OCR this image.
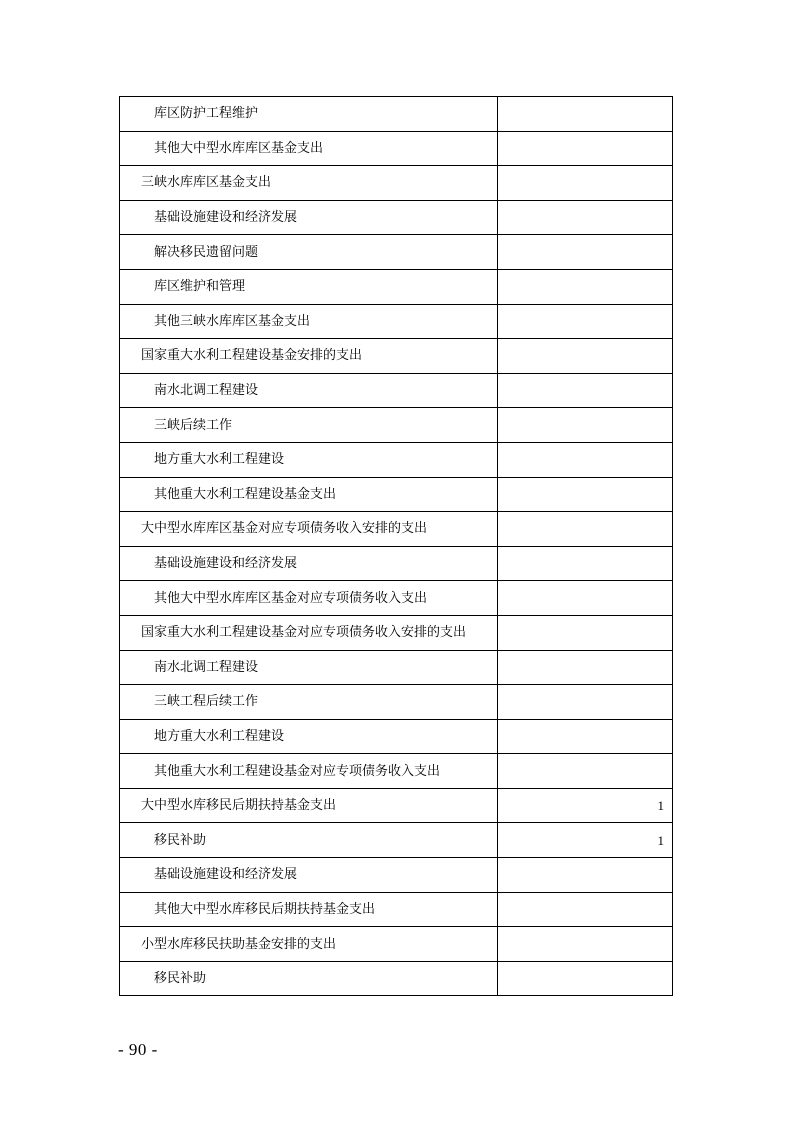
库区防护工程维护	
其他大中型水库库区基金支出	
三峡水库库区基金支出	
基础设施建设和经济发展	
解决移民遗留问题	
库区维护和管理	
其他三峡水库库区基金支出	
国家重大水利工程建设基金安排的支出	
南水北调工程建设	
三峡后续工作	
地方重大水利工程建设	
其他重大水利工程建设基金支出	
大中型水库库区基金对应专项债务收入安排的支出	
基础设施建设和经济发展	
其他大中型水库库区基金对应专项债务收入支出	
国家重大水利工程建设基金对应专项债务收入安排的支出	
南水北调工程建设	
三峡工程后续工作	
地方重大水利工程建设	
其他重大水利工程建设基金对应专项债务收入支出	
大中型水库移民后期扶持基金支出	1
移民补助	1
基础设施建设和经济发展	
其他大中型水库移民后期扶持基金支出	
小型水库移民扶助基金安排的支出	
移民补助	
- 90 -
